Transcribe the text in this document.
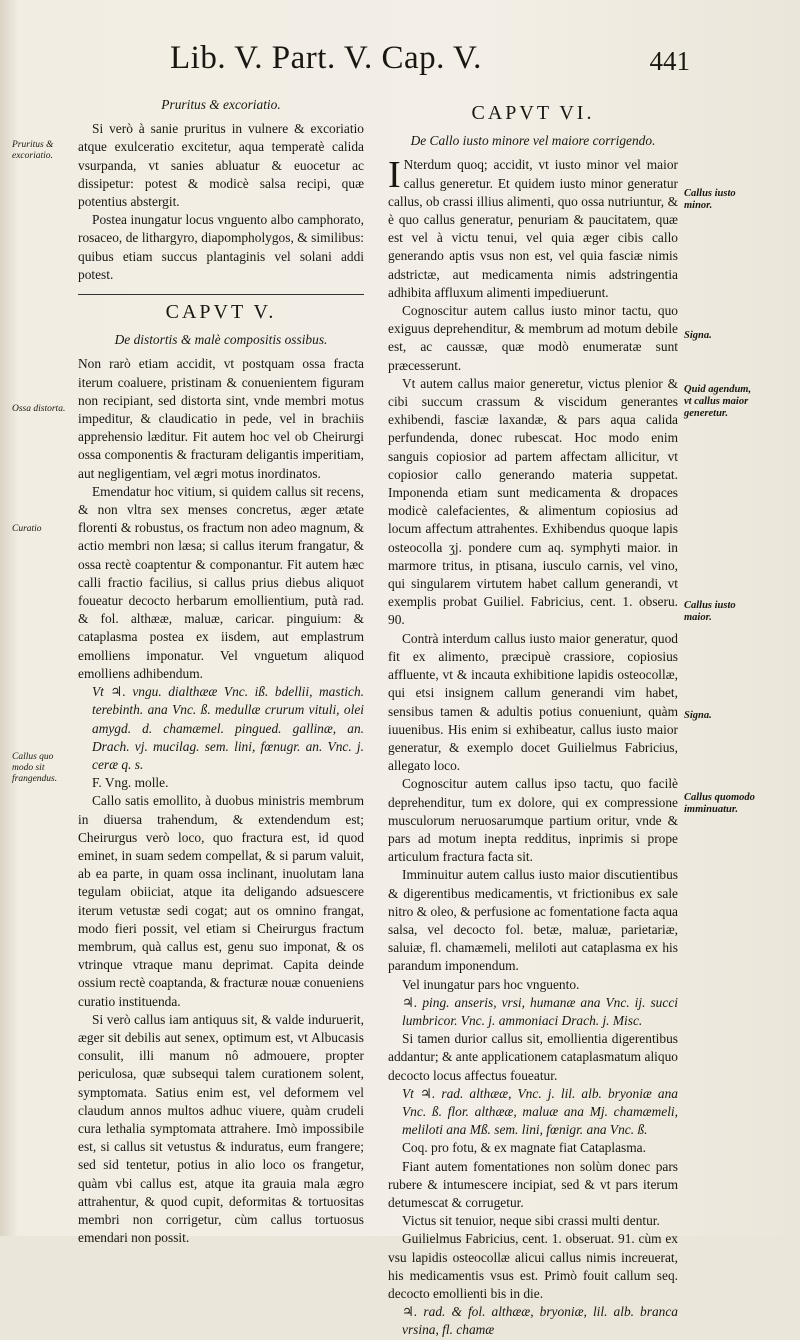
Lib. V. Part. V. Cap. V.	441
Pruritus & excoriatio.
Ossa distorta.
Curatio
Callus quo modo sit frangendus.

Pruritus & excoriatio.

Si verò à sanie pruritus in vulnere & excoriatio atque exulceratio excitetur, aqua temperatè calida vsurpanda, vt sanies abluatur & euocetur ac dissipetur: potest & modicè salsa recipi, quæ potentius abstergit.

Postea inungatur locus vnguento albo camphorato, rosaceo, de lithargyro, diapompholygos, & similibus: quibus etiam succus plantaginis vel solani addi potest.

CAPVT V.

De distortis & malè compositis ossibus.

Non rarò etiam accidit, vt postquam ossa fracta iterum coaluere, pristinam & conuenientem figuram non recipiant, sed distorta sint, vnde membri motus impeditur, & claudicatio in pede, vel in brachiis apprehensio læditur. Fit autem hoc vel ob Cheirurgi ossa componentis & fracturam deligantis imperitiam, aut negligentiam, vel ægri motus inordinatos.

Emendatur hoc vitium, si quidem callus sit recens, & non vltra sex menses concretus, æger ætate florenti & robustus, os fractum non adeo magnum, & actio membri non læsa; si callus iterum frangatur, & ossa rectè coaptentur & componantur. Fit autem hæc calli fractio facilius, si callus prius diebus aliquot foueatur decocto herbarum emollientium, putà rad. & fol. althææ, maluæ, caricar. pinguium: & cataplasma postea ex iisdem, aut emplastrum emolliens imponatur. Vel vnguetum aliquod emolliens adhibendum.

Vt ♃. vngu. dialthææ Vnc. iß. bdellii, mastich. terebinth. ana Vnc. ß. medullæ crurum vituli, olei amygd. d. chamæmel. pingued. gallinæ, an. Drach. vj. mucilag. sem. lini, fœnugr. an. Vnc. j. ceræ q. s.

F. Vng. molle.

Callo satis emollito, à duobus ministris membrum in diuersa trahendum, & extendendum est; Cheirurgus verò loco, quo fractura est, id quod eminet, in suam sedem compellat, & si parum valuit, ab ea parte, in quam ossa inclinant, inuolutam lana tegulam obiiciat, atque ita deligando adsuescere iterum vetustæ sedi cogat; aut os omnino frangat, modo fieri possit, vel etiam si Cheirurgus fractum membrum, quà callus est, genu suo imponat, & os vtrinque vtraque manu deprimat. Capita deinde ossium rectè coaptanda, & fracturæ nouæ conueniens curatio instituenda.

Si verò callus iam antiquus sit, & valde induruerit, æger sit debilis aut senex, optimum est, vt Albucasis consulit, illi manum nô admouere, propter periculosa, quæ subsequi talem curationem solent, symptomata. Satius enim est, vel deformem vel claudum annos multos adhuc viuere, quàm crudeli cura lethalia symptomata attrahere. Imò impossibile est, si callus sit vetustus & induratus, eum frangere; sed sid tentetur, potius in alio loco os frangetur, quàm vbi callus est, atque ita grauia mala ægro attrahentur, & quod cupit, deformitas & tortuositas membri non corrigetur, cùm callus tortuosus emendari non possit.

CAPVT VI.

De Callo iusto minore vel maiore corrigendo.

I Nterdum quoq; accidit, vt iusto minor vel maior callus generetur. Et quidem iusto minor generatur callus, ob crassi illius alimenti, quo ossa nutriuntur, & è quo callus generatur, penuriam & paucitatem, quæ est vel à victu tenui, vel quia æger cibis callo generando aptis vsus non est, vel quia fasciæ nimis adstrictæ, aut medicamenta nimis adstringentia adhibita affluxum alimenti impediuerunt.

Cognoscitur autem callus iusto minor tactu, quo exiguus deprehenditur, & membrum ad motum debile est, ac caussæ, quæ modò enumeratæ sunt præcesserunt.

Vt autem callus maior generetur, victus plenior & cibi succum crassum & viscidum generantes exhibendi, fasciæ laxandæ, & pars aqua calida perfundenda, donec rubescat. Hoc modo enim sanguis copiosior ad partem affectam allicitur, vt copiosior callo generando materia suppetat. Imponenda etiam sunt medicamenta & dropaces modicè calefacientes, & alimentum copiosius ad locum affectum attrahentes. Exhibendus quoque lapis osteocolla ʒj. pondere cum aq. symphyti maior. in marmore tritus, in ptisana, iusculo carnis, vel vino, qui singularem virtutem habet callum generandi, vt exemplis probat Guiliel. Fabricius, cent. 1. obseru. 90.

Contrà interdum callus iusto maior generatur, quod fit ex alimento, præcipuè crassiore, copiosius affluente, vt & incauta exhibitione lapidis osteocollæ, qui etsi insignem callum generandi vim habet, sensibus tamen & adultis potius conueniunt, quàm iuuenibus. His enim si exhibeatur, callus iusto maior generatur, & exemplo docet Guilielmus Fabricius, allegato loco.

Cognoscitur autem callus ipso tactu, quo facilè deprehenditur, tum ex dolore, qui ex compressione musculorum neruosarumque partium oritur, vnde & pars ad motum inepta redditus, inprimis si prope articulum fractura facta sit.

Imminuitur autem callus iusto maior discutientibus & digerentibus medicamentis, vt frictionibus ex sale nitro & oleo, & perfusione ac fomentatione facta aqua salsa, vel decocto fol. betæ, maluæ, parietariæ, saluiæ, fl. chamæmeli, meliloti aut cataplasma ex his parandum imponendum.

Vel inungatur pars hoc vnguento.

♃. ping. anseris, vrsi, humanæ ana Vnc. ij. succi lumbricor. Vnc. j. ammoniaci Drach. j. Misc.

Si tamen durior callus sit, emollientia digerentibus addantur; & ante applicationem cataplasmatum aliquo decocto locus affectus foueatur.

Vt ♃. rad. althææ, Vnc. j. lil. alb. bryoniæ ana Vnc. ß. flor. althææ, maluæ ana Mj. chamæmeli, meliloti ana Mß. sem. lini, fœnigr. ana Vnc. ß.

Coq. pro fotu, & ex magnate fiat Cataplasma.

Fiant autem fomentationes non solùm donec pars rubere & intumescere incipiat, sed & vt pars iterum detumescat & corrugetur.

Victus sit tenuior, neque sibi crassi multi dentur.

Guilielmus Fabricius, cent. 1. obseruat. 91. cùm ex vsu lapidis osteocollæ alicui callus nimis increuerat, his medicamentis vsus est. Primò fouit callum seq. decocto emollienti bis in die.

♃. rad. & fol. althææ, bryoniæ, lil. alb. branca vrsina, fl. chamæ

Callus iusto minor.
Signa.
Quid agendum, vt callus maior generetur.
Callus iusto maior.
Signa.
Callus quomodo imminuatur.
